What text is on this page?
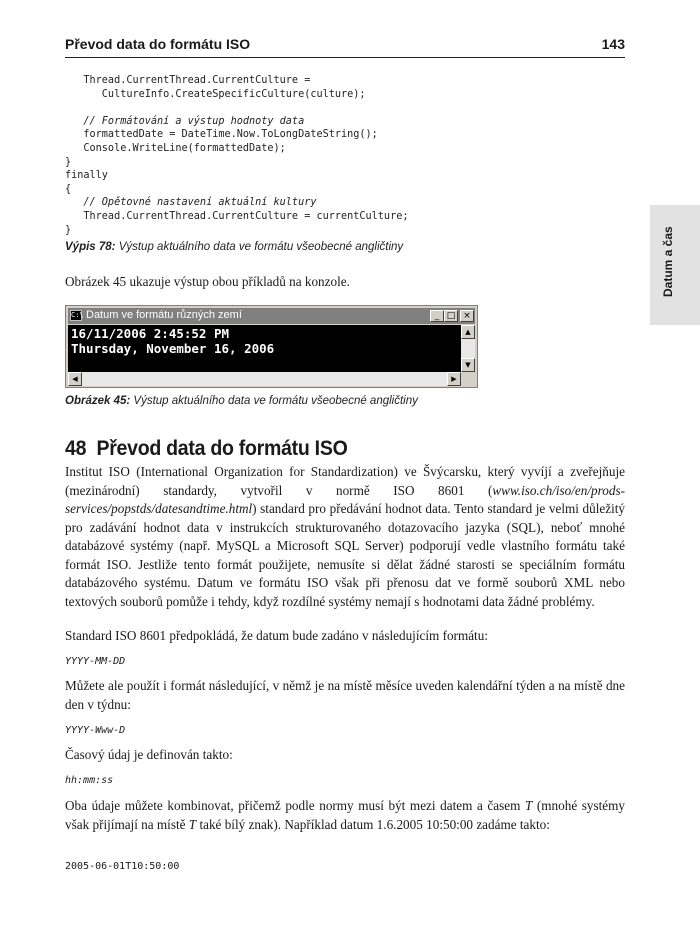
Převod data do formátu ISO	143
Datum a čas
Thread.CurrentThread.CurrentCulture =
CultureInfo.CreateSpecificCulture(culture);
// Formátování a výstup hodnoty data
formattedDate = DateTime.Now.ToLongDateString();
Console.WriteLine(formattedDate);
}
finally
{
// Opětovné nastavení aktuální kultury
Thread.CurrentThread.CurrentCulture = currentCulture;
}
Výpis 78: Výstup aktuálního data ve formátu všeobecné angličtiny

Obrázek 45 ukazuje výstup obou příkladů na konzole.

C:\ Datum ve formátu různých zemí	_ □ ×
16/11/2006 2:45:52 PM
Thursday, November 16, 2006
▲
▼
◀	▶
Obrázek 45: Výstup aktuálního data ve formátu všeobecné angličtiny
48 Převod data do formátu ISO

Institut ISO (International Organization for Standardization) ve Švýcarsku, který vyvíjí a zveřejňuje (mezinárodní) standardy, vytvořil v normě ISO 8601 (www.iso.ch/iso/en/prods-services/popstds/datesandtime.html) standard pro předávání hodnot data. Tento standard je velmi důležitý pro zadávání hodnot data v instrukcích strukturovaného dotazovacího jazyka (SQL), neboť mnohé databázové systémy (např. MySQL a Microsoft SQL Server) podporují vedle vlastního formátu také formát ISO. Jestliže tento formát použijete, nemusíte si dělat žádné starosti se speciálním formátu databázového systému. Datum ve formátu ISO však při přenosu dat ve formě souborů XML nebo textových souborů pomůže i tehdy, když rozdílné systémy nemají s hodnotami data žádné problémy.

Standard ISO 8601 předpokládá, že datum bude zadáno v následujícím formátu:

YYYY-MM-DD

Můžete ale použít i formát následující, v němž je na místě měsíce uveden kalendářní týden a na místě dne den v týdnu:

YYYY-Www-D

Časový údaj je definován takto:

hh:mm:ss

Oba údaje můžete kombinovat, přičemž podle normy musí být mezi datem a časem T (mnohé systémy však přijímají na místě T také bílý znak). Například datum 1.6.2005 10:50:00 zadáme takto:

2005-06-01T10:50:00
